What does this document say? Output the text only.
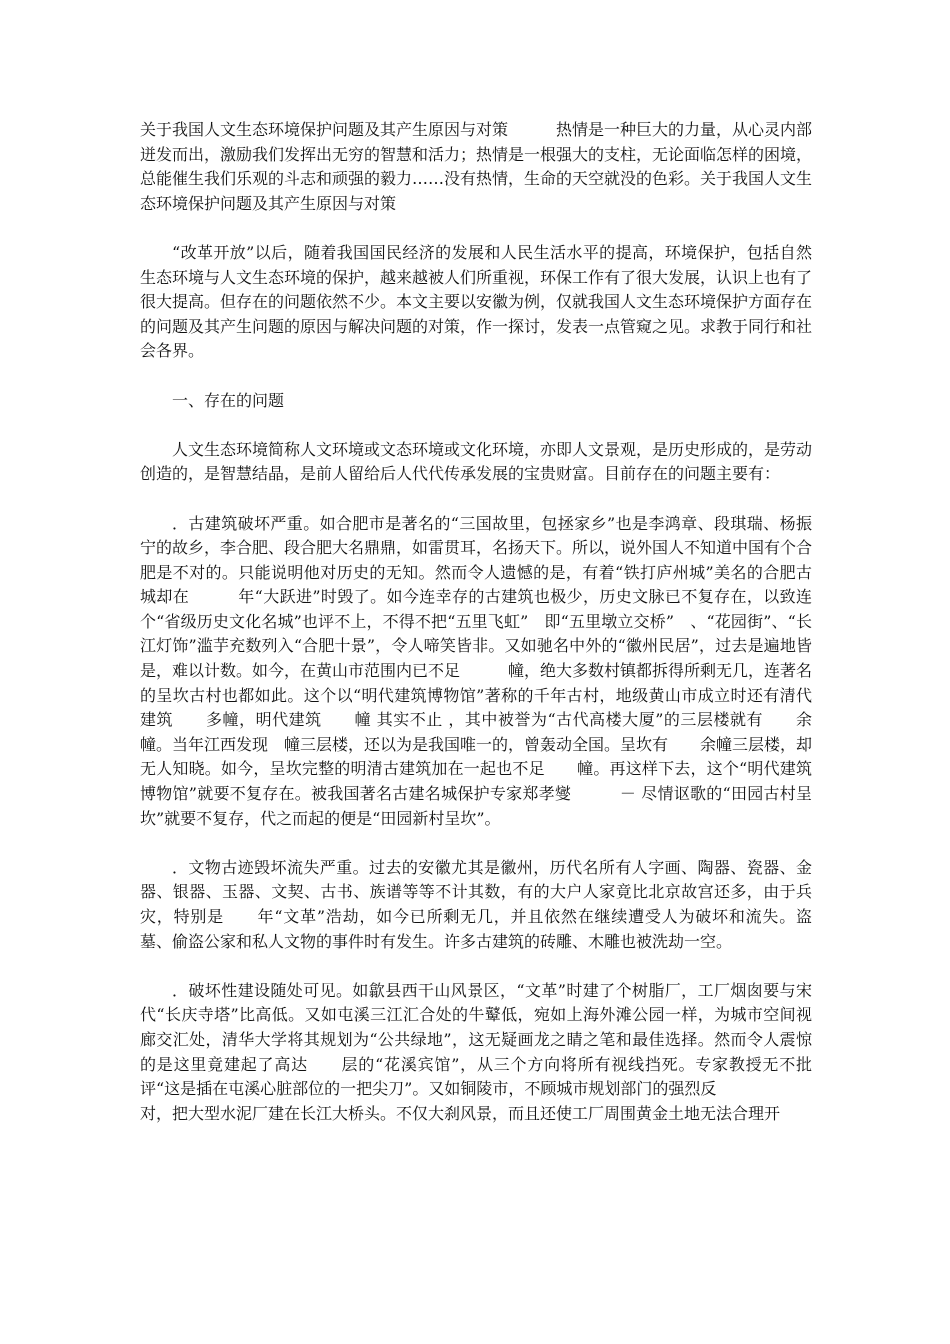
关于我国人文生态环境保护问题及其产生原因与对策　　　热情是一种巨大的力量，从心灵内部迸发而出，激励我们发挥出无穷的智慧和活力；热情是一根强大的支柱，无论面临怎样的困境，总能催生我们乐观的斗志和顽强的毅力……没有热情，生命的天空就没的色彩。关于我国人文生态环境保护问题及其产生原因与对策

“改革开放”以后，随着我国国民经济的发展和人民生活水平的提高，环境保护，包括自然生态环境与人文生态环境的保护，越来越被人们所重视，环保工作有了很大发展，认识上也有了很大提高。但存在的问题依然不少。本文主要以安徽为例，仅就我国人文生态环境保护方面存在的问题及其产生问题的原因与解决问题的对策，作一探讨，发表一点管窥之见。求教于同行和社会各界。

一、存在的问题

人文生态环境简称人文环境或文态环境或文化环境，亦即人文景观，是历史形成的，是劳动创造的，是智慧结晶，是前人留给后人代代传承发展的宝贵财富。目前存在的问题主要有：

．古建筑破坏严重。如合肥市是著名的“三国故里，包拯家乡”也是李鸿章、段琪瑞、杨振宁的故乡，李合肥、段合肥大名鼎鼎，如雷贯耳，名扬天下。所以，说外国人不知道中国有个合肥是不对的。只能说明他对历史的无知。然而令人遗憾的是，有着“铁打庐州城”美名的合肥古城却在　　　年“大跃进”时毁了。如今连幸存的古建筑也极少，历史文脉已不复存在，以致连个“省级历史文化名城”也评不上，不得不把“五里飞虹”　即“五里墩立交桥”　、“花园街”、“长江灯饰”滥芋充数列入“合肥十景”，令人啼笑皆非。又如驰名中外的“徽州民居”，过去是遍地皆是，难以计数。如今，在黄山市范围内已不足　　　幢，绝大多数村镇都拆得所剩无几，连著名的呈坎古村也都如此。这个以“明代建筑博物馆”著称的千年古村，地级黄山市成立时还有清代建筑　　多幢，明代建筑　　幢 其实不止 ，其中被誉为“古代高楼大厦”的三层楼就有　　余幢。当年江西发现　幢三层楼，还以为是我国唯一的，曾轰动全国。呈坎有　　余幢三层楼，却无人知晓。如今，呈坎完整的明清古建筑加在一起也不足　　幢。再这样下去，这个“明代建筑博物馆”就要不复存在。被我国著名古建名城保护专家郑孝燮　　　－ 尽情讴歌的“田园古村呈坎”就要不复存，代之而起的便是“田园新村呈坎”。

．文物古迹毁坏流失严重。过去的安徽尤其是徽州，历代名所有人字画、陶器、瓷器、金器、银器、玉器、文契、古书、族谱等等不计其数，有的大户人家竟比北京故宫还多，由于兵灾，特别是　　年“文革”浩劫，如今已所剩无几，并且依然在继续遭受人为破坏和流失。盗墓、偷盗公家和私人文物的事件时有发生。许多古建筑的砖雕、木雕也被洗劫一空。

．破坏性建设随处可见。如歙县西干山风景区，“文革”时建了个树脂厂，工厂烟囱要与宋代“长庆寺塔”比高低。又如屯溪三江汇合处的牛鼙低，宛如上海外滩公园一样，为城市空间视廊交汇处，清华大学将其规划为“公共绿地”，这无疑画龙之睛之笔和最佳选择。然而令人震惊的是这里竟建起了高达　　层的“花溪宾馆”，从三个方向将所有视线挡死。专家教授无不批评“这是插在屯溪心脏部位的一把尖刀”。又如铜陵市，不顾城市规划部门的强烈反

对，把大型水泥厂建在长江大桥头。不仅大刹风景，而且还使工厂周围黄金土地无法合理开
